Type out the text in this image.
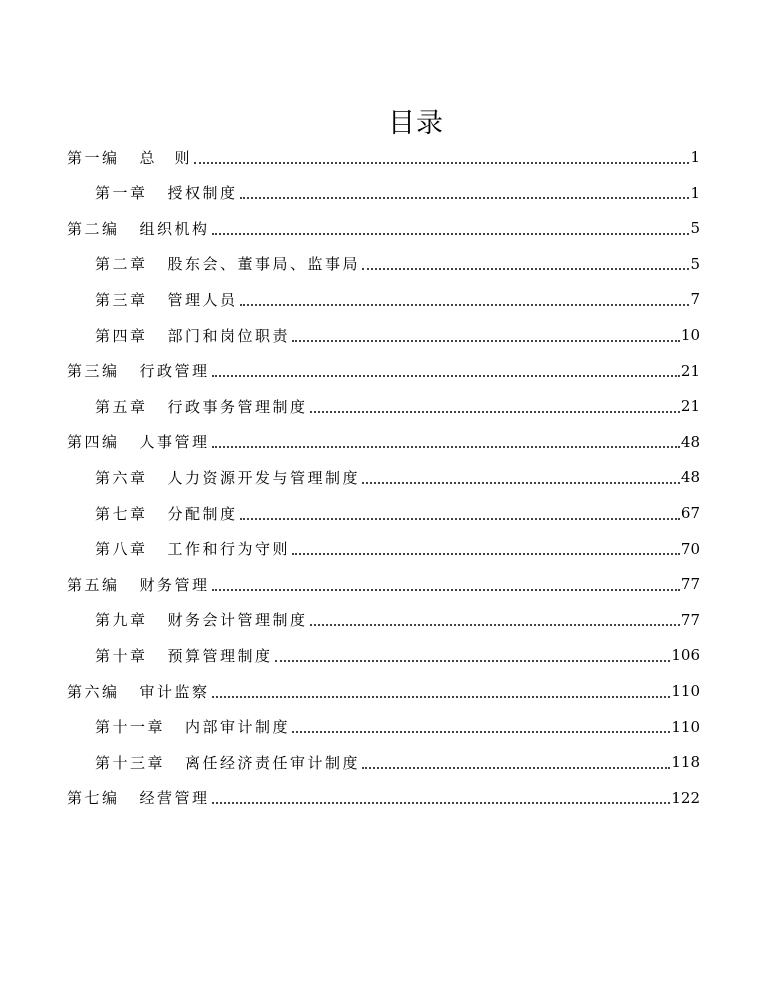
目录
第一编 总　则	1
第一章 授权制度	1
第二编 组织机构	5
第二章 股东会、董事局、监事局	5
第三章 管理人员	7
第四章 部门和岗位职责	10
第三编 行政管理	21
第五章 行政事务管理制度	21
第四编 人事管理	48
第六章 人力资源开发与管理制度	48
第七章 分配制度	67
第八章 工作和行为守则	70
第五编 财务管理	77
第九章 财务会计管理制度	77
第十章 预算管理制度	106
第六编 审计监察	110
第十一章 内部审计制度	110
第十三章 离任经济责任审计制度	118
第七编 经营管理	122
